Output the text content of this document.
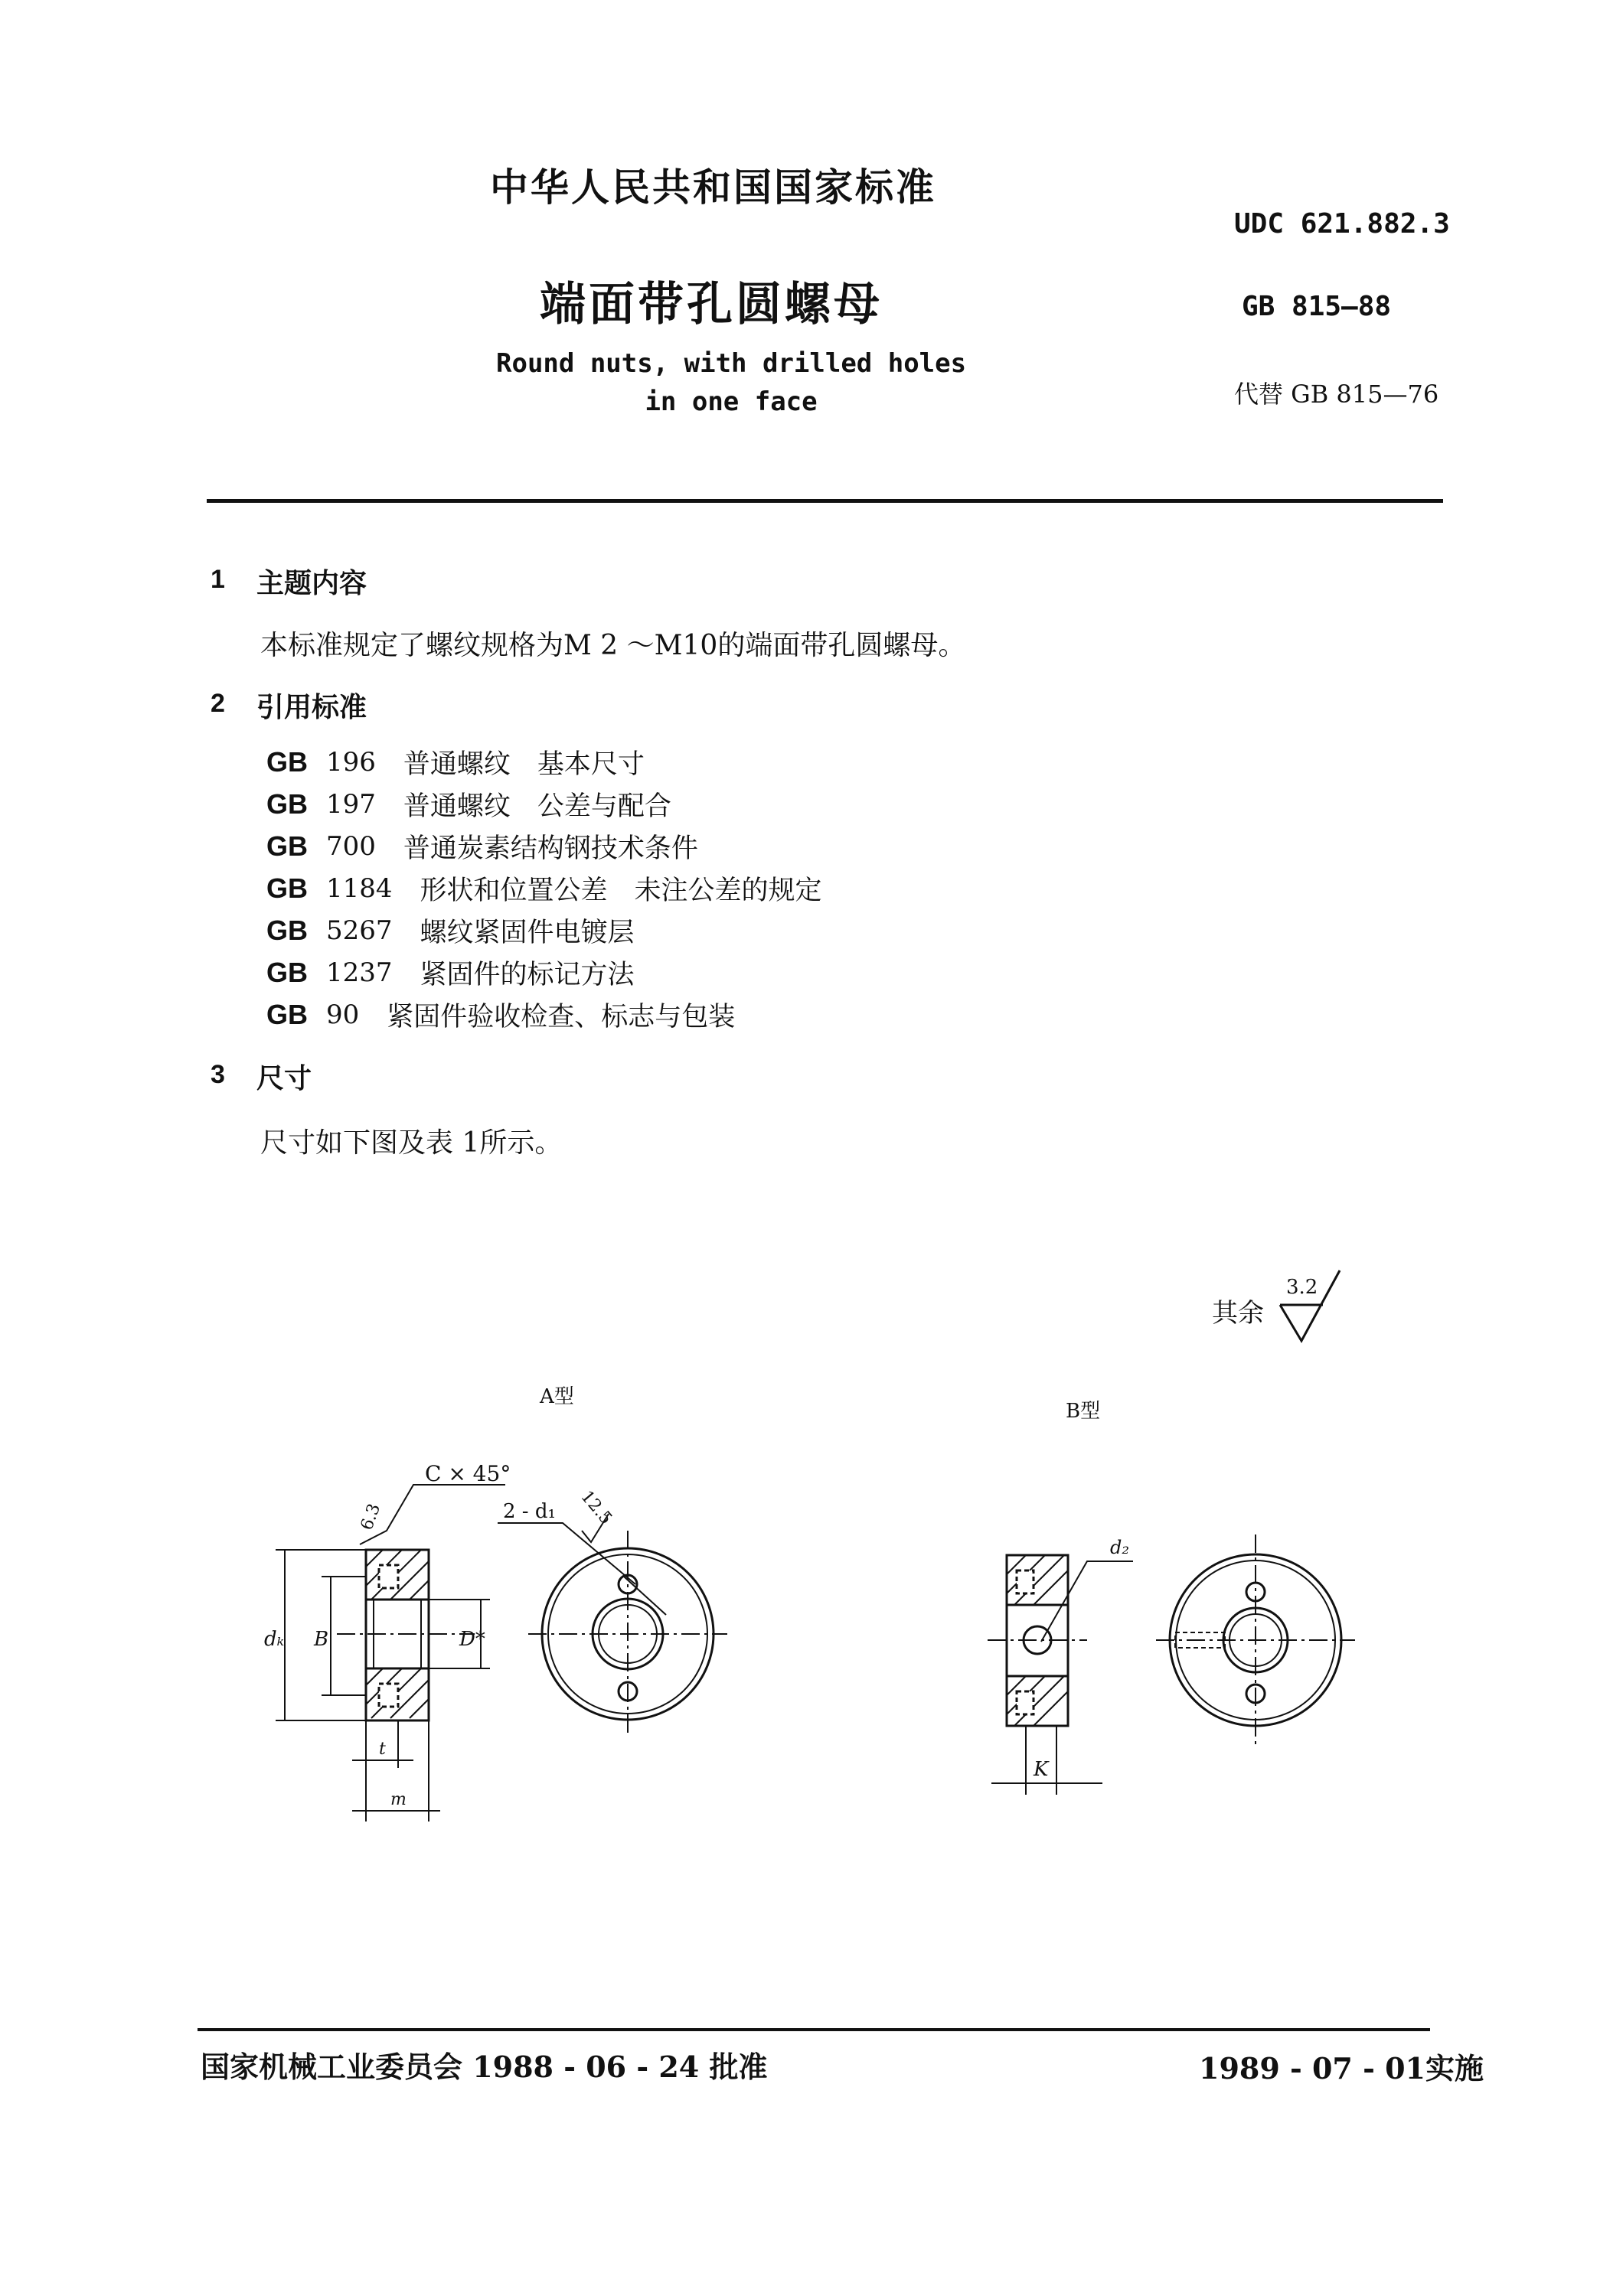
中华人民共和国国家标准
UDC 621.882.3
端面带孔圆螺母	GB 815—88
Round nuts, with drilled holes
in one face	代替 GB 815—76
1 主题内容
本标准规定了螺纹规格为M 2 ～M10的端面带孔圆螺母。
2 引用标准
GB 196 普通螺纹　基本尺寸
GB 197 普通螺纹　公差与配合
GB 700 普通炭素结构钢技术条件
GB 1184 形状和位置公差　未注公差的规定
GB 5267 螺纹紧固件电镀层
GB 1237 紧固件的标记方法
GB 90 紧固件验收检查、标志与包装
3 尺寸
尺寸如下图及表 1所示。
其余
3.2
A型
B型
dₖ B	D*
t
m
C × 45°
6.3	2 - d₁ 12.5
d₂
K
国家机械工业委员会 1988 - 06 - 24 批准	1989 - 07 - 01实施
